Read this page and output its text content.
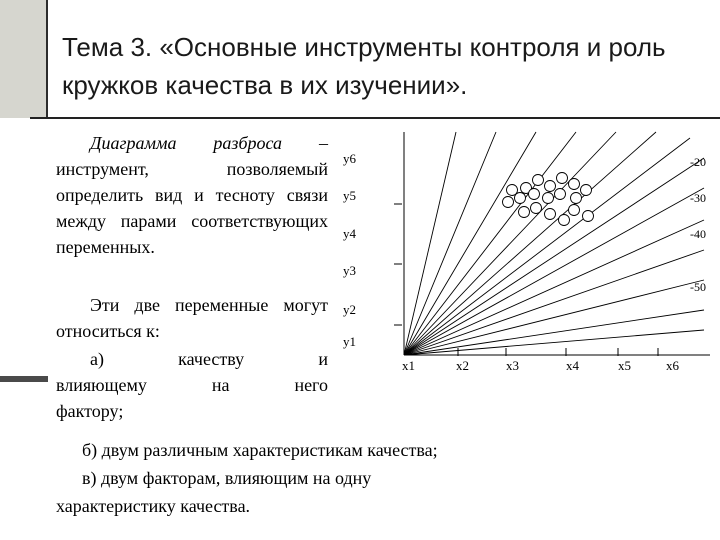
Тема 3. «Основные инструменты контроля и роль кружков качества в их изучении».
Диаграмма разброса – инструмент, позволяемый определить вид и тесноту связи между парами соответствующих переменных.
Эти две переменные могут относиться к:
а)	качеству	и
влияющему	на	него
фактору;
y1
y2
y3
y4
y5
y6
x1	x2	x3	x4	x5	x6
-20
-30
-40
-50
б) двум различным характеристикам качества;
в) двум факторам, влияющим на одну
характеристику качества.
